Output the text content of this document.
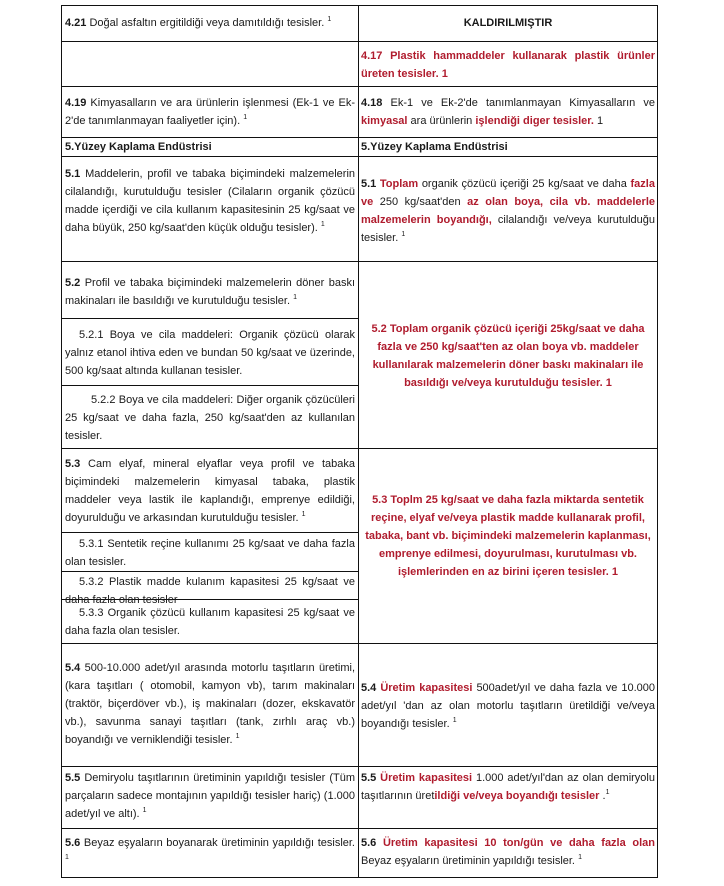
4.21 Doğal asfaltın ergitildiği veya damıtıldığı tesisler. $^1$	KALDIRILMIŞTIR
4.17 Plastik hammaddeler kullanarak plastik ürünler üreten tesisler. 1
4.19 Kimyasalların ve ara ürünlerin işlenmesi (Ek-1 ve Ek-2'de tanımlanmayan faaliyetler için). $^1$
4.18 Ek-1 ve Ek-2'de tanımlanmayan Kimyasalların ve kimyasal ara ürünlerin işlendiği diger tesisler. 1
5.Yüzey Kaplama Endüstrisi	5.Yüzey Kaplama Endüstrisi
5.1 Maddelerin, profil ve tabaka biçimindeki malzemelerin cilalandığı, kurutulduğu tesisler (Cilaların organik çözücü madde içerdiği ve cila kullanım kapasitesinin 25 kg/saat ve daha büyük, 250 kg/saat'den küçük olduğu tesisler). $^1$
5.1 Toplam organik çözücü içeriği 25 kg/saat ve daha fazla ve 250 kg/saat'den az olan boya, cila vb. maddelerle malzemelerin boyandığı, cilalandığı ve/veya kurutulduğu tesisler. $^1$
5.2 Profil ve tabaka biçimindeki malzemelerin döner baskı makinaları ile basıldığı ve kurutulduğu tesisler. $^1$
5.2.1 Boya ve cila maddeleri: Organik çözücü olarak yalnız etanol ihtiva eden ve bundan 50 kg/saat ve üzerinde, 500 kg/saat altında kullanan tesisler.
5.2.2 Boya ve cila maddeleri: Diğer organik çözücüleri 25 kg/saat ve daha fazla, 250 kg/saat'den az kullanılan tesisler.
5.2 Toplam organik çözücü içeriği 25kg/saat ve daha fazla ve 250 kg/saat'ten az olan boya vb. maddeler kullanılarak malzemelerin döner baskı makinaları ile basıldığı ve/veya kurutulduğu tesisler. 1
5.3 Cam elyaf, mineral elyaflar veya profil ve tabaka biçimindeki malzemelerin kimyasal tabaka, plastik maddeler veya lastik ile kaplandığı, emprenye edildiği, doyurulduğu ve arkasından kurutulduğu tesisler. $^1$
5.3.1 Sentetik reçine kullanımı 25 kg/saat ve daha fazla olan tesisler.
5.3.2 Plastik madde kulanım kapasitesi 25 kg/saat ve daha fazla olan tesisler
5.3.3 Organik çözücü kullanım kapasitesi 25 kg/saat ve daha fazla olan tesisler.
5.3 Toplm 25 kg/saat ve daha fazla miktarda sentetik reçine, elyaf ve/veya plastik madde kullanarak profil, tabaka, bant vb. biçimindeki malzemelerin kaplanması, emprenye edilmesi, doyurulması, kurutulması vb. işlemlerinden en az birini içeren tesisler. 1
5.4 500-10.000 adet/yıl arasında motorlu taşıtların üretimi, (kara taşıtları ( otomobil, kamyon vb), tarım makinaları (traktör, biçerdöver vb.), iş makinaları (dozer, ekskavatör vb.), savunma sanayi taşıtları (tank, zırhlı araç vb.) boyandığı ve verniklendiği tesisler. $^1$
5.4 Üretim kapasitesi 500adet/yıl ve daha fazla ve 10.000 adet/yıl 'dan az olan motorlu taşıtların üretildiği ve/veya boyandığı tesisler. $^1$
5.5 Demiryolu taşıtlarının üretiminin yapıldığı tesisler (Tüm parçaların sadece montajının yapıldığı tesisler hariç) (1.000 adet/yıl ve altı). $^1$
5.5 Üretim kapasitesi 1.000 adet/yıl'dan az olan demiryolu taşıtlarının üretildiği ve/veya boyandığı tesisler .$^1$
5.6 Beyaz eşyaların boyanarak üretiminin yapıldığı tesisler. $^1$
5.6 Üretim kapasitesi 10 ton/gün ve daha fazla olan Beyaz eşyaların üretiminin yapıldığı tesisler. $^1$
